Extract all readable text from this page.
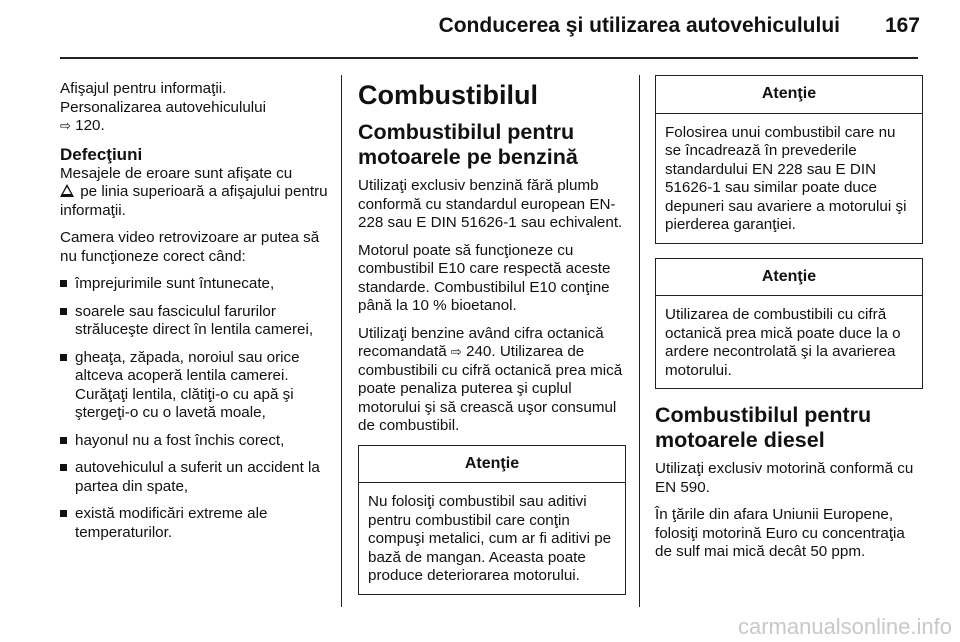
Conducerea şi utilizarea autovehiculului 167

Afişajul pentru informaţii.
Personalizarea autovehiculului
⇨ 120.

Defecţiuni

Mesajele de eroare sunt afişate cu
pe linia superioară a afişajului pentru informaţii.

Camera video retrovizoare ar putea să nu funcţioneze corect când:

împrejurimile sunt întunecate,
soarele sau fasciculul farurilor străluceşte direct în lentila camerei,
gheaţa, zăpada, noroiul sau orice altceva acoperă lentila camerei. Curăţaţi lentila, clătiţi-o cu apă şi ştergeţi-o cu o lavetă moale,
hayonul nu a fost închis corect,
autovehiculul a suferit un accident la partea din spate,
există modificări extreme ale temperaturilor.
Combustibilul
Combustibilul pentru motoarele pe benzină

Utilizaţi exclusiv benzină fără plumb conformă cu standardul european EN-228 sau E DIN 51626-1 sau echivalent.

Motorul poate să funcţioneze cu combustibil E10 care respectă aceste standarde. Combustibilul E10 conţine până la 10 % bioetanol.

Utilizaţi benzine având cifra octanică recomandată ⇨ 240. Utilizarea de combustibili cu cifră octanică prea mică poate penaliza puterea şi cuplul motorului şi să crească uşor consumul de combustibil.

Atenţie
Nu folosiţi combustibil sau aditivi pentru combustibil care conţin compuşi metalici, cum ar fi aditivi pe bază de mangan. Aceasta poate produce deteriorarea motorului.
Atenţie
Folosirea unui combustibil care nu se încadrează în prevederile standardului EN 228 sau E DIN 51626-1 sau similar poate duce depuneri sau avariere a motorului şi pierderea garanţiei.
Atenţie
Utilizarea de combustibili cu cifră octanică prea mică poate duce la o ardere necontrolată şi la avarierea motorului.
Combustibilul pentru motoarele diesel

Utilizaţi exclusiv motorină conformă cu EN 590.

În ţările din afara Uniunii Europene, folosiţi motorină Euro cu concentraţia de sulf mai mică decât 50 ppm.

carmanualsonline.info
